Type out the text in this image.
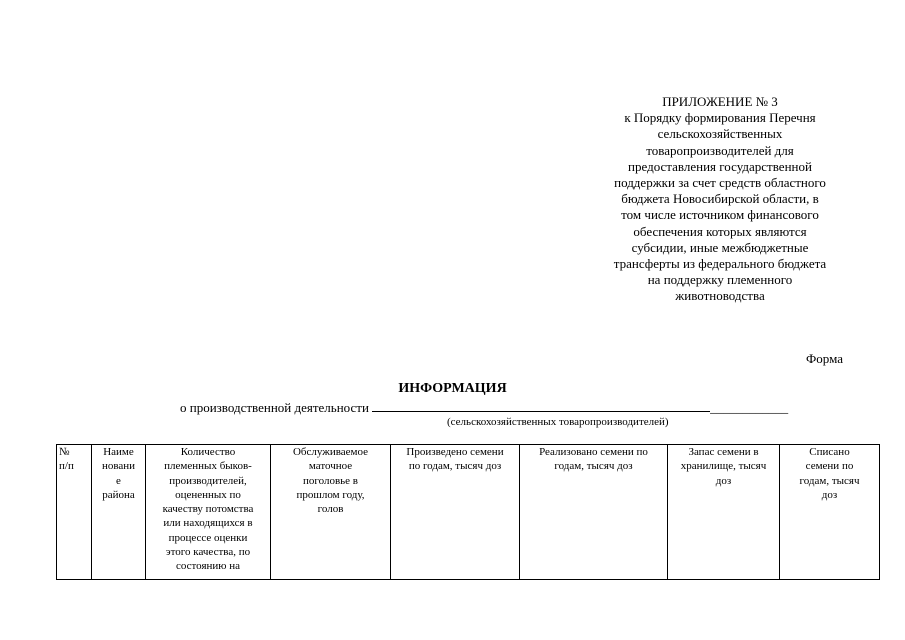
ПРИЛОЖЕНИЕ № 3
к Порядку формирования Перечня
сельскохозяйственных
товаропроизводителей для
предоставления государственной
поддержки за счет средств областного
бюджета Новосибирской области, в
том числе источником финансового
обеспечения которых являются
субсидии, иные межбюджетные
трансферты из федерального бюджета
на поддержку племенного
животноводства
Форма
ИНФОРМАЦИЯ
о производственной деятельности	____________
(сельскохозяйственных товаропроизводителей)
№
п/п	Наиме
новани
е
района	Количество
племенных быков-
производителей,
оцененных по
качеству потомства
или находящихся в
процессе оценки
этого качества, по
состоянию на	Обслуживаемое
маточное
поголовье в
прошлом году,
голов	Произведено семени
по годам, тысяч доз	Реализовано семени по
годам, тысяч доз	Запас семени в
хранилище, тысяч
доз	Списано
семени по
годам, тысяч
доз
